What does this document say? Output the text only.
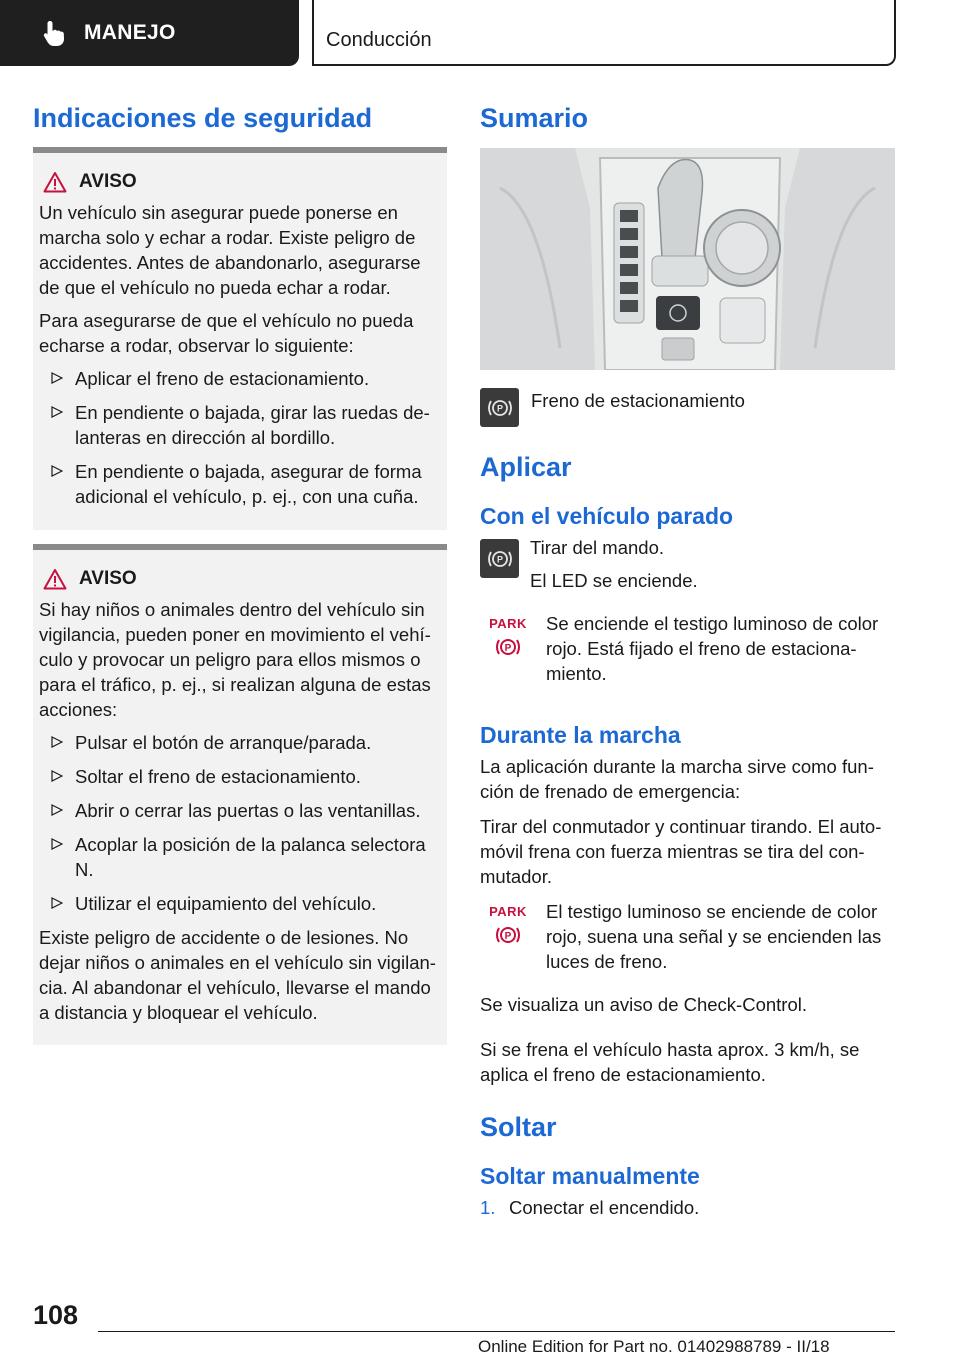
MANEJO	Conducción
Indicaciones de seguridad
AVISO

Un vehículo sin asegurar puede ponerse en marcha solo y echar a rodar. Existe peligro de accidentes. Antes de abandonarlo, asegurarse de que el vehículo no pueda echar a rodar.

Para asegurarse de que el vehículo no pueda echarse a rodar, observar lo siguiente:

Aplicar el freno de estacionamiento.
En pendiente o bajada, girar las ruedas delanteras en dirección al bordillo.
En pendiente o bajada, asegurar de forma adicional el vehículo, p. ej., con una cuña.
AVISO

Si hay niños o animales dentro del vehículo sin vigilancia, pueden poner en movimiento el vehículo y provocar un peligro para ellos mismos o para el tráfico, p. ej., si realizan alguna de estas acciones:

Pulsar el botón de arranque/parada.
Soltar el freno de estacionamiento.
Abrir o cerrar las puertas o las ventanillas.
Acoplar la posición de la palanca selectora N.
Utilizar el equipamiento del vehículo.

Existe peligro de accidente o de lesiones. No dejar niños o animales en el vehículo sin vigilancia. Al abandonar el vehículo, llevarse el mando a distancia y bloquear el vehículo.

Sumario
P Freno de estacionamiento
Aplicar
Con el vehículo parado
P

Tirar del mando.

El LED se enciende.

PARK
P

Se enciende el testigo luminoso de color rojo. Está fijado el freno de estacionamiento.

Durante la marcha

La aplicación durante la marcha sirve como función de frenado de emergencia:

Tirar del conmutador y continuar tirando. El automóvil frena con fuerza mientras se tira del conmutador.

PARK
P

El testigo luminoso se enciende de color rojo, suena una señal y se encienden las luces de freno.

Se visualiza un aviso de Check-Control.

Si se frena el vehículo hasta aprox. 3 km/h, se aplica el freno de estacionamiento.

Soltar
Soltar manualmente
1. Conectar el encendido.
108
Online Edition for Part no. 01402988789 - II/18
